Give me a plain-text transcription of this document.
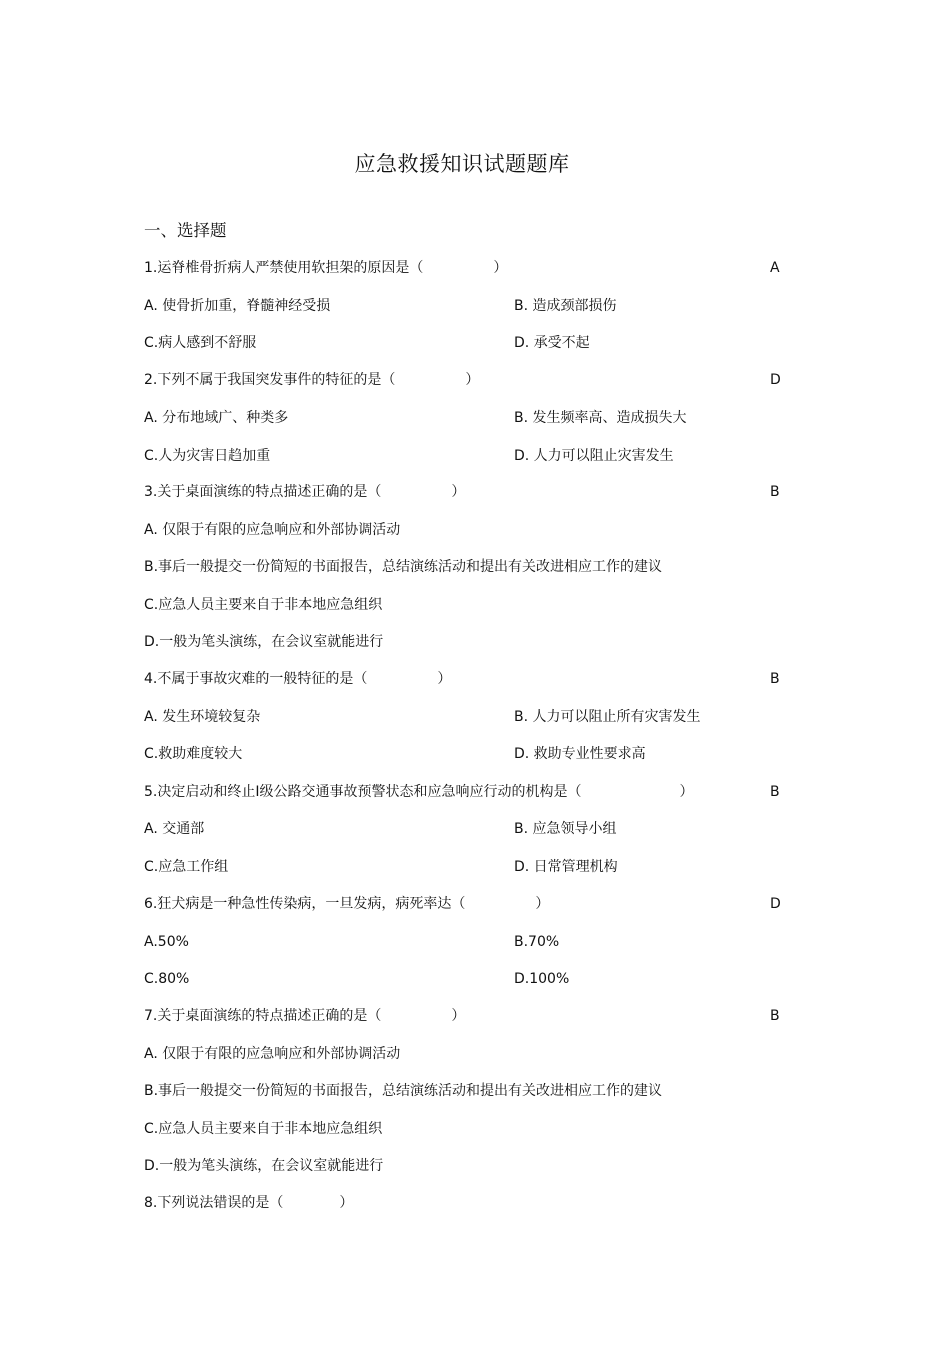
应急救援知识试题题库
一、选择题
1.运脊椎骨折病人严禁使用软担架的原因是（　　　　　）	A
A. 使骨折加重，脊髓神经受损	B. 造成颈部损伤
C.病人感到不舒服	D. 承受不起
2.下列不属于我国突发事件的特征的是（　　　　　）	D
A. 分布地域广、种类多	B. 发生频率高、造成损失大
C.人为灾害日趋加重	D. 人力可以阻止灾害发生
3.关于桌面演练的特点描述正确的是（　　　　　）	B
A. 仅限于有限的应急响应和外部协调活动
B.事后一般提交一份简短的书面报告，总结演练活动和提出有关改进相应工作的建议
C.应急人员主要来自于非本地应急组织
D.一般为笔头演练，在会议室就能进行
4.不属于事故灾难的一般特征的是（　　　　　）	B
A. 发生环境较复杂	B. 人力可以阻止所有灾害发生
C.救助难度较大	D. 救助专业性要求高
5.决定启动和终止Ⅰ级公路交通事故预警状态和应急响应行动的机构是（　　　　　　　）	B
A. 交通部	B. 应急领导小组
C.应急工作组	D. 日常管理机构
6.狂犬病是一种急性传染病，一旦发病，病死率达（　　　　　）	D
A.50%	B.70%
C.80%	D.100%
7.关于桌面演练的特点描述正确的是（　　　　　）	B
A. 仅限于有限的应急响应和外部协调活动
B.事后一般提交一份简短的书面报告，总结演练活动和提出有关改进相应工作的建议
C.应急人员主要来自于非本地应急组织
D.一般为笔头演练，在会议室就能进行
8.下列说法错误的是（　　　　）
